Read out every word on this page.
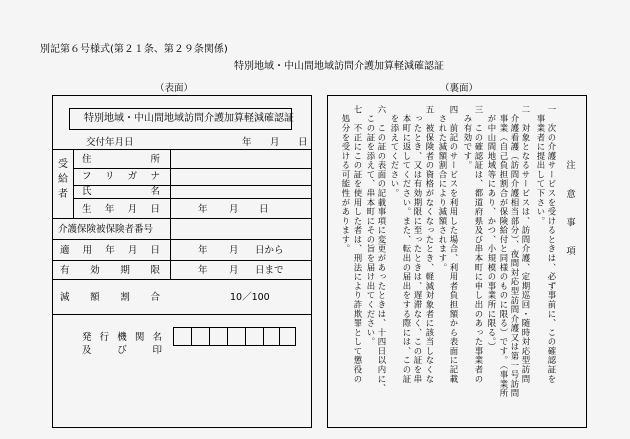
別記第６号様式(第２１条、第２９条関係)
特別地域・中山間地域訪問介護加算軽減確認証
（表面）
特別地域・中山間地域訪問介護加算軽減確認証
交付年月日	年 月 日
受
給
者
住	所
フ リ ガ ナ
氏	名
生 年 月 日	年 月 日
介護保険被保険者番号
適 用 年 月 日	年 月 日から
有 効 期 限	年 月 日まで
減 額 割 合	10／100
発 行 機 関 名
及	び	印
（裏面）
注　意　事　項
一　次の介護サービスを受けるときは、必ず事前に、この確認証を
　事業者に提出して下さい。
二　対象となるサービスは、訪問介護、定期巡回・随時対応型訪問
　介護看護（訪問介護相当部分）、夜間対応型訪問介護又は第一号訪問
　事業（自己負担割合が保険給付と同様のものに限る）です。（事業所
　が中山間地域等にあり、かつ、小規模の事業所に限る。）
三　この確認証は、都道府県及び串本町に申し出のあった事業者の
　み有効です。
四　前記のサービスを利用した場合、利用者負担額から表面に記載
　された減額割合により減額されます。
五　被保険者の資格がなくなったとき、軽減対象者に該当しなくな
　ったとき、又は有効期限に至ったときは、遅滞なく、この証を串
　本町に返してください。また、転出の届出をする際には、この証
　を添えてください。
六　この証の表面の記載事項に変更があったときは、十四日以内に、
　この証を添えて、串本町にその旨を届け出てください。
七　不正にこの証を使用した者は、刑法により詐欺罪として懲役の
　処分を受ける可能性があります。
